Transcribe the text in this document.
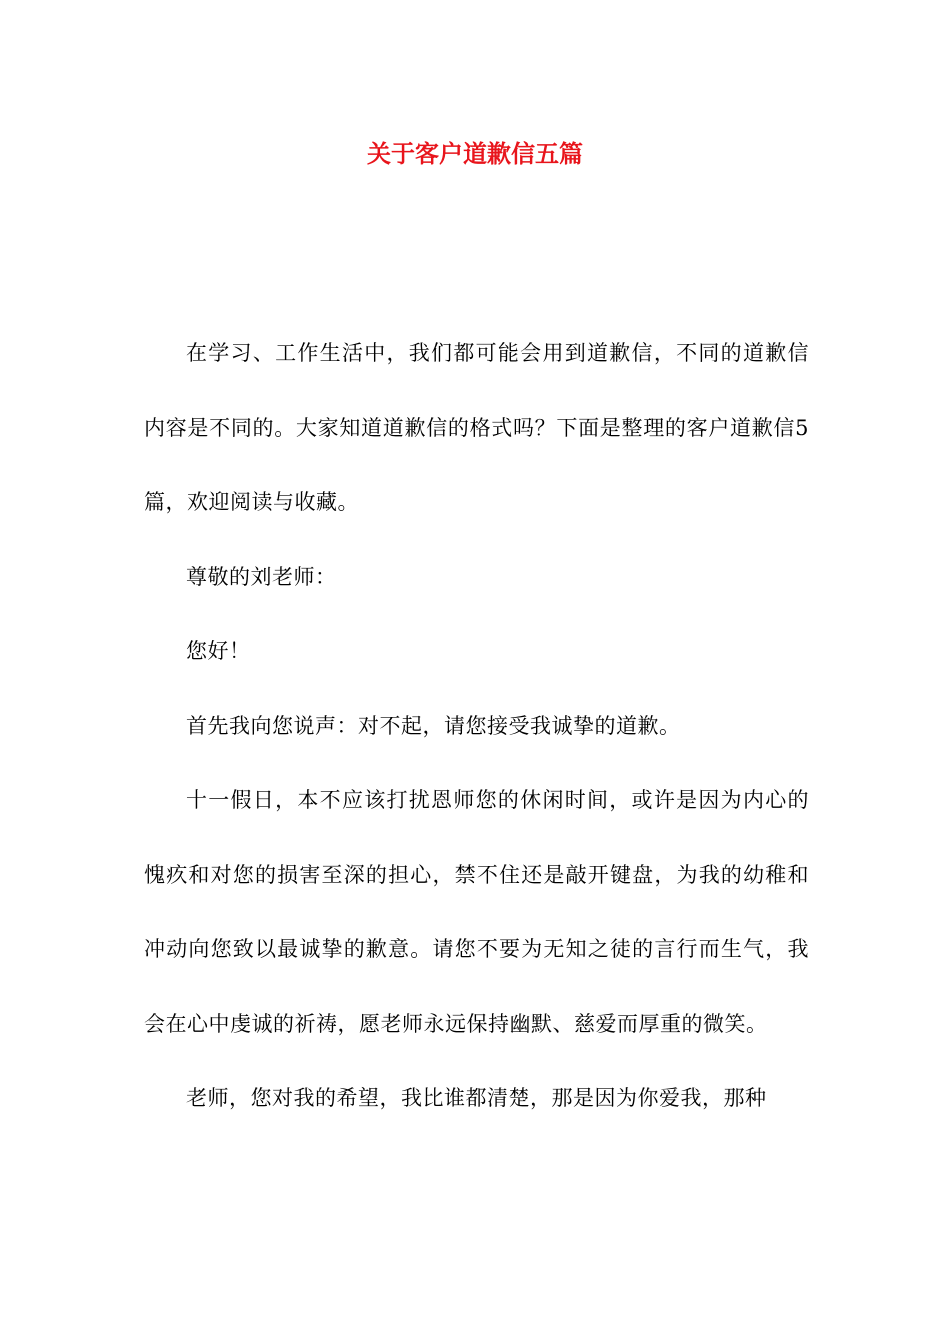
关于客户道歉信五篇

在学习、工作生活中，我们都可能会用到道歉信，不同的道歉信内容是不同的。大家知道道歉信的格式吗？下面是整理的客户道歉信5篇，欢迎阅读与收藏。

尊敬的刘老师：

您好！

首先我向您说声：对不起，请您接受我诚挚的道歉。

十一假日，本不应该打扰恩师您的休闲时间，或许是因为内心的愧疚和对您的损害至深的担心，禁不住还是敲开键盘，为我的幼稚和冲动向您致以最诚挚的歉意。请您不要为无知之徒的言行而生气，我会在心中虔诚的祈祷，愿老师永远保持幽默、慈爱而厚重的微笑。

老师，您对我的希望，我比谁都清楚，那是因为你爱我，那种
